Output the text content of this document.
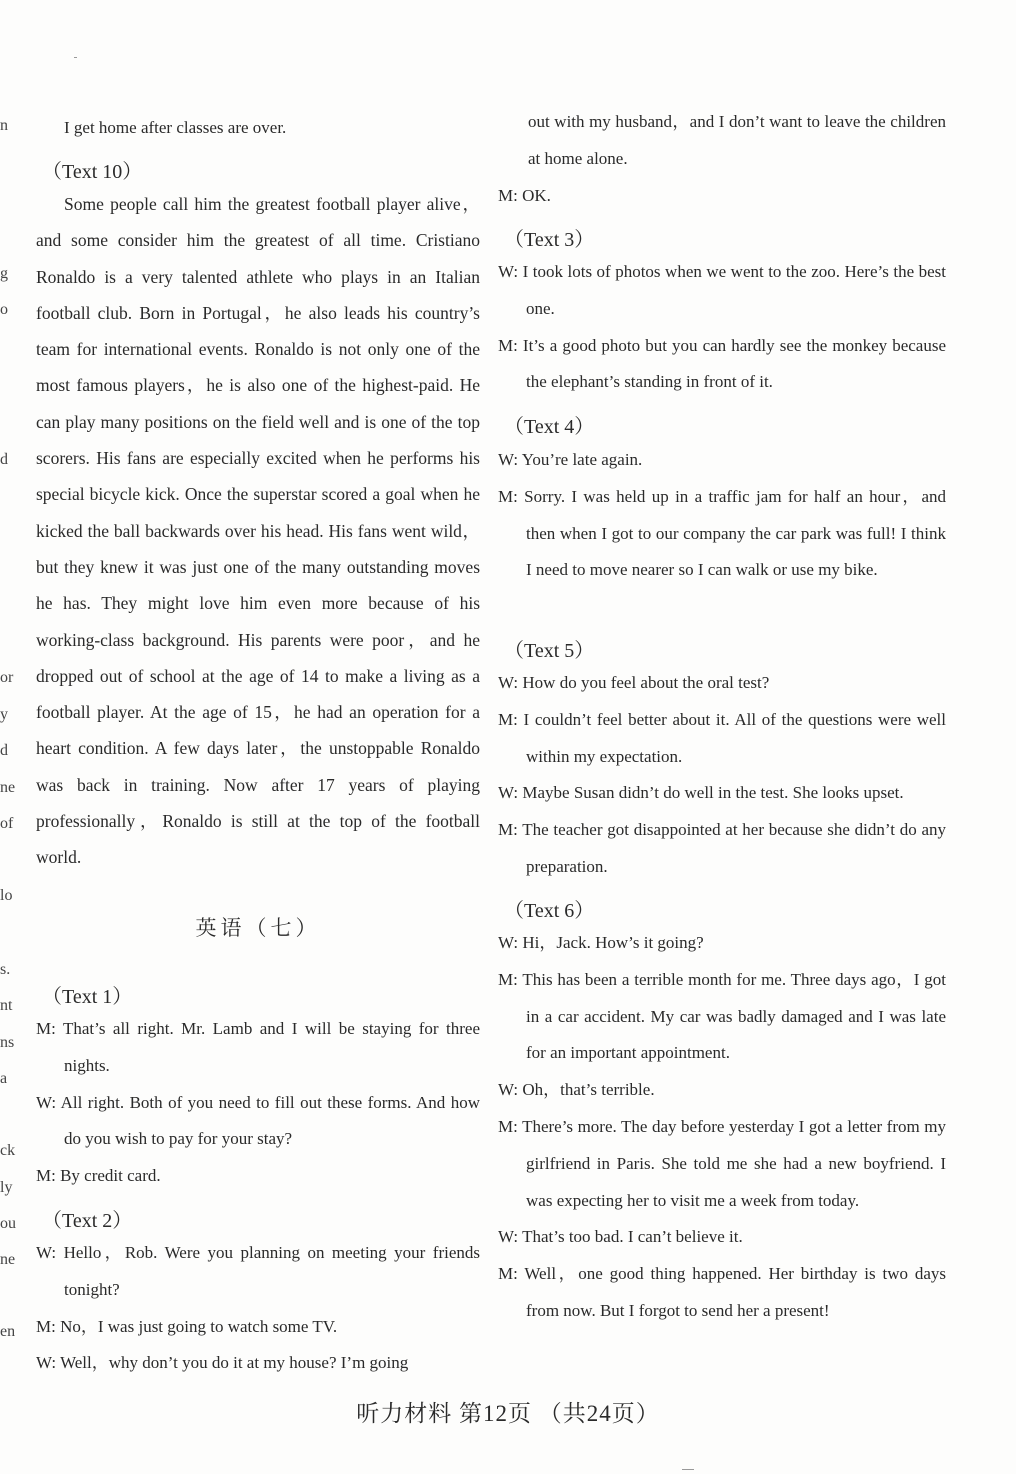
n
g
o
d
or
y
d
ne
of
lo
s.
nt
ns
a
ck
ly
ou
ne
en

I get home after classes are over.

（Text 10）

Some people call him the greatest football player alive，and some consider him the greatest of all time. Cristiano Ronaldo is a very talented athlete who plays in an Italian football club. Born in Portugal，he also leads his country’s team for international events. Ronaldo is not only one of the most famous players，he is also one of the highest-paid. He can play many positions on the field well and is one of the top scorers. His fans are especially excited when he performs his special bicycle kick. Once the superstar scored a goal when he kicked the ball backwards over his head. His fans went wild，but they knew it was just one of the many outstanding moves he has. They might love him even more because of his working-class background. His parents were poor，and he dropped out of school at the age of 14 to make a living as a football player. At the age of 15，he had an operation for a heart condition. A few days later，the unstoppable Ronaldo was back in training. Now after 17 years of playing professionally，Ronaldo is still at the top of the football world.

英语（七）

（Text 1）

M: That’s all right. Mr. Lamb and I will be staying for three nights.

W: All right. Both of you need to fill out these forms. And how do you wish to pay for your stay?

M: By credit card.

（Text 2）

W: Hello，Rob. Were you planning on meeting your friends tonight?

M: No，I was just going to watch some TV.

W: Well，why don’t you do it at my house? I’m going

out with my husband，and I don’t want to leave the children at home alone.

M: OK.

（Text 3）

W: I took lots of photos when we went to the zoo. Here’s the best one.

M: It’s a good photo but you can hardly see the monkey because the elephant’s standing in front of it.

（Text 4）

W: You’re late again.

M: Sorry. I was held up in a traffic jam for half an hour，and then when I got to our company the car park was full! I think I need to move nearer so I can walk or use my bike.

（Text 5）

W: How do you feel about the oral test?

M: I couldn’t feel better about it. All of the questions were well within my expectation.

W: Maybe Susan didn’t do well in the test. She looks upset.

M: The teacher got disappointed at her because she didn’t do any preparation.

（Text 6）

W: Hi，Jack. How’s it going?

M: This has been a terrible month for me. Three days ago，I got in a car accident. My car was badly damaged and I was late for an important appointment.

W: Oh，that’s terrible.

M: There’s more. The day before yesterday I got a letter from my girlfriend in Paris. She told me she had a new boyfriend. I was expecting her to visit me a week from today.

W: That’s too bad. I can’t believe it.

M: Well，one good thing happened. Her birthday is two days from now. But I forgot to send her a present!

听力材料 第12页 （共24页）
